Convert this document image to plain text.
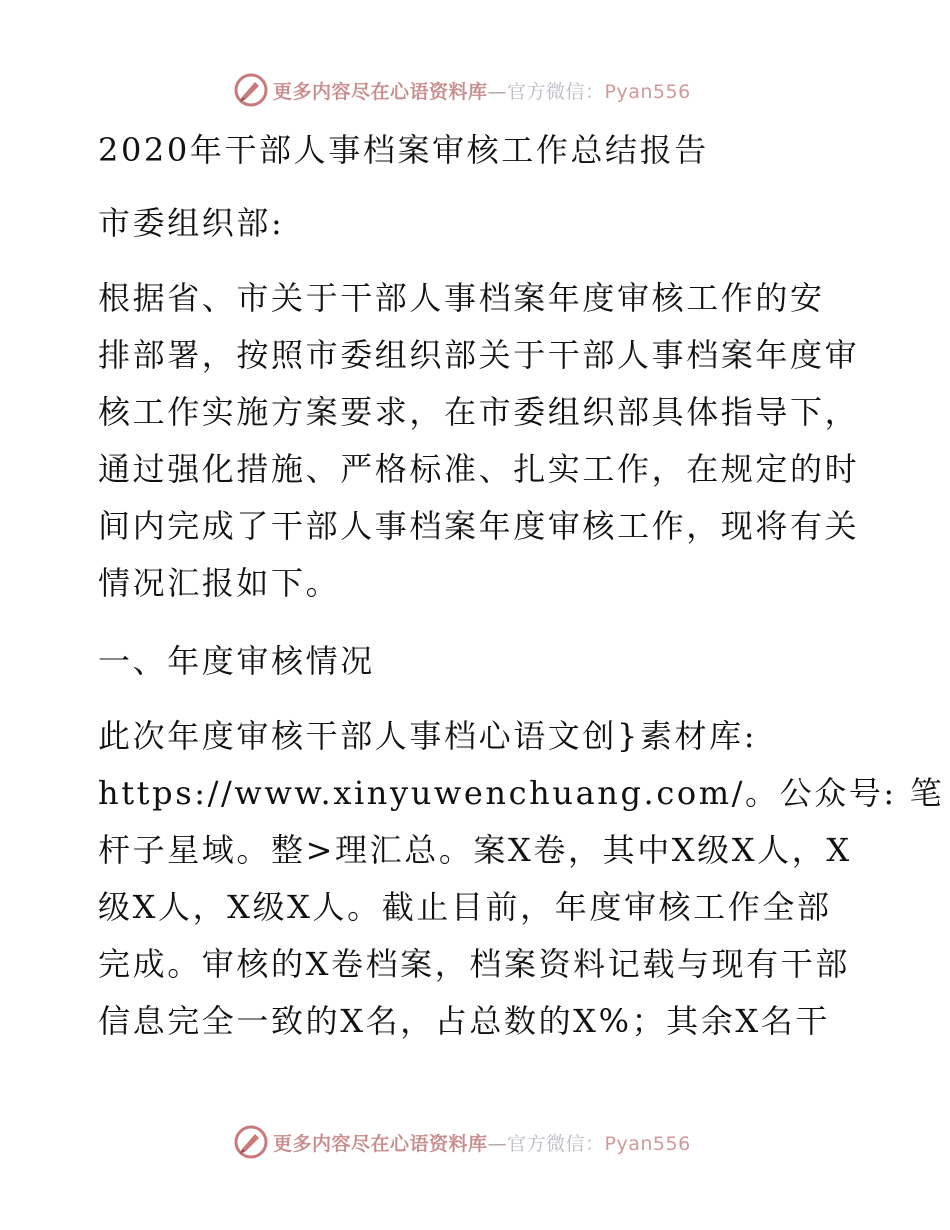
更多内容尽在心语资料库—官方微信：Pyan556
2020年干部人事档案审核工作总结报告
市委组织部:
根据省、市关于干部人事档案年度审核工作的安
排部署，按照市委组织部关于干部人事档案年度审
核工作实施方案要求，在市委组织部具体指导下，
通过强化措施、严格标准、扎实工作，在规定的时
间内完成了干部人事档案年度审核工作，现将有关
情况汇报如下。
一、年度审核情况
此次年度审核干部人事档心语文创}素材库:
https://www.xinyuwenchuang.com/。公众号: 笔
杆子星域。整>理汇总。案X卷，其中X级X人，X
级X人，X级X人。截止目前，年度审核工作全部
完成。审核的X卷档案，档案资料记载与现有干部
信息完全一致的X名，占总数的X%；其余X名干
更多内容尽在心语资料库—官方微信：Pyan556
